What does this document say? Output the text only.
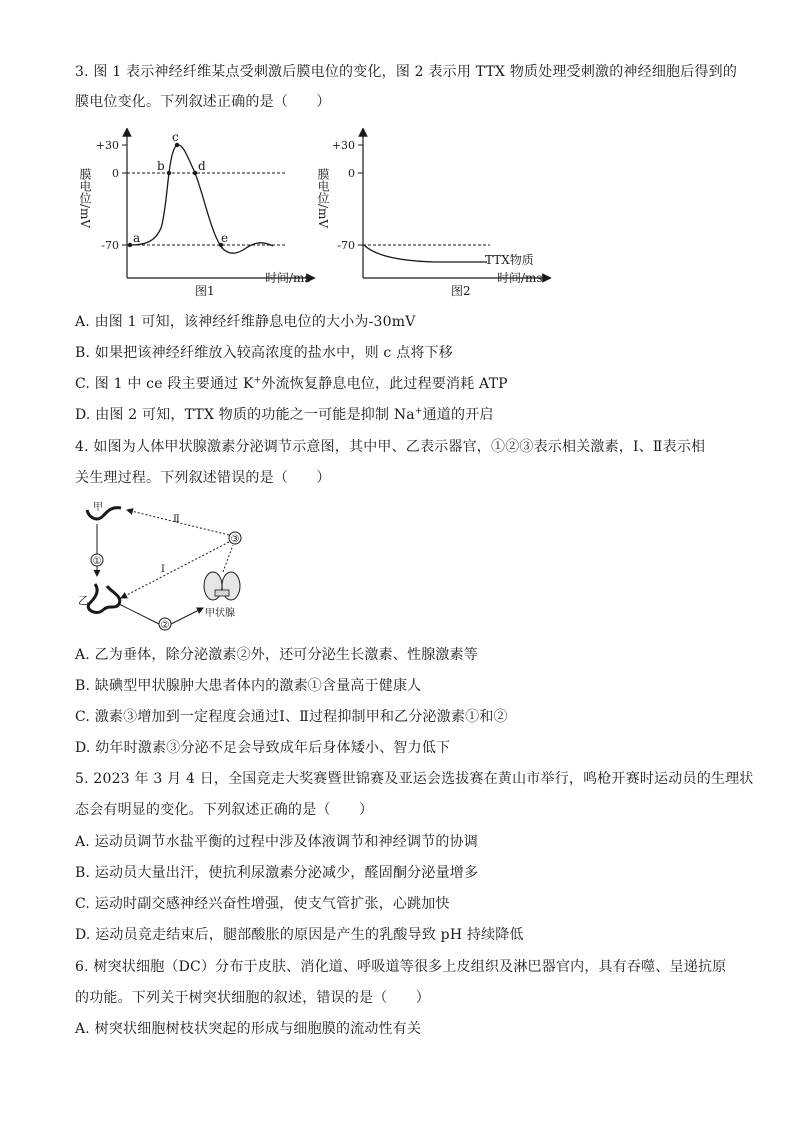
3. 图 1 表示神经纤维某点受刺激后膜电位的变化，图 2 表示用 TTX 物质处理受刺激的神经细胞后得到的
膜电位变化。下列叙述正确的是（　　）
+30
0
-70
膜电位/mV
a
b
c
d
e
时间/ms
图1
+30
0
-70
膜电位/mV
TTX物质
时间/ms
图2
A. 由图 1 可知，该神经纤维静息电位的大小为-30mV
B. 如果把该神经纤维放入较高浓度的盐水中，则 c 点将下移
C. 图 1 中 ce 段主要通过 K+外流恢复静息电位，此过程要消耗 ATP
D. 由图 2 可知，TTX 物质的功能之一可能是抑制 Na+通道的开启
4. 如图为人体甲状腺激素分泌调节示意图，其中甲、乙表示器官，①②③表示相关激素，Ⅰ、Ⅱ表示相
关生理过程。下列叙述错误的是（　　）
甲
①
乙
②
甲状腺
③
Ⅱ
Ⅰ
A. 乙为垂体，除分泌激素②外，还可分泌生长激素、性腺激素等
B. 缺碘型甲状腺肿大患者体内的激素①含量高于健康人
C. 激素③增加到一定程度会通过Ⅰ、Ⅱ过程抑制甲和乙分泌激素①和②
D. 幼年时激素③分泌不足会导致成年后身体矮小、智力低下
5. 2023 年 3 月 4 日，全国竞走大奖赛暨世锦赛及亚运会选拔赛在黄山市举行，鸣枪开赛时运动员的生理状
态会有明显的变化。下列叙述正确的是（　　）
A. 运动员调节水盐平衡的过程中涉及体液调节和神经调节的协调
B. 运动员大量出汗，使抗利尿激素分泌减少，醛固酮分泌量增多
C. 运动时副交感神经兴奋性增强，使支气管扩张，心跳加快
D. 运动员竞走结束后，腿部酸胀的原因是产生的乳酸导致 pH 持续降低
6. 树突状细胞（DC）分布于皮肤、消化道、呼吸道等很多上皮组织及淋巴器官内，具有吞噬、呈递抗原
的功能。下列关于树突状细胞的叙述，错误的是（　　）
A. 树突状细胞树枝状突起的形成与细胞膜的流动性有关
